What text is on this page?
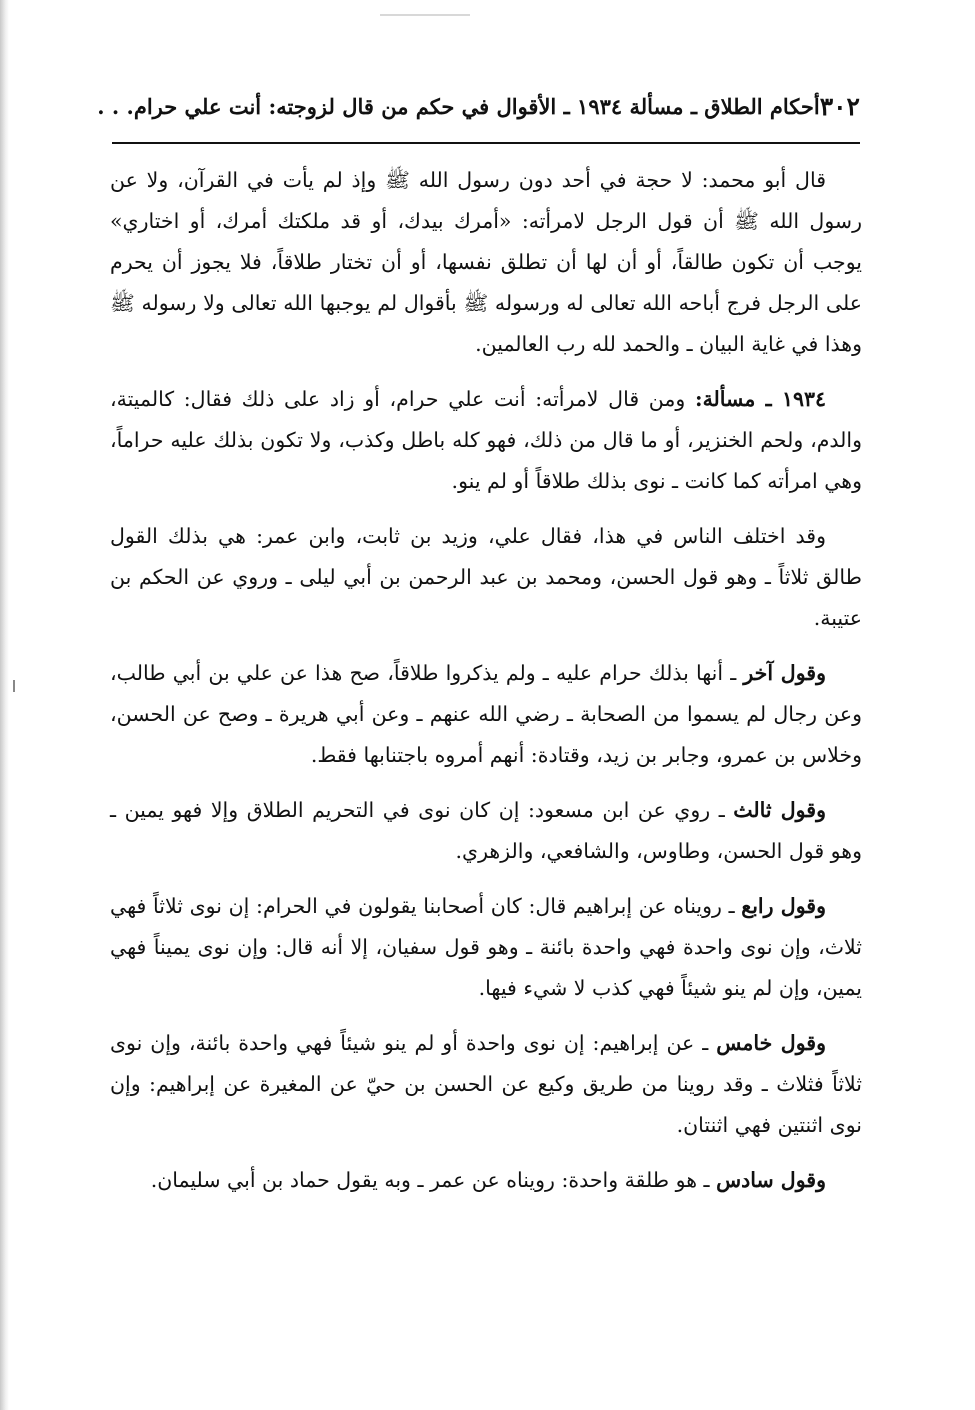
٣٠٢
أحكام الطلاق ـ مسألة ١٩٣٤ ـ الأقوال في حكم من قال لزوجته: أنت علي حرام. . .

قال أبو محمد: لا حجة في أحد دون رسول الله ﷺ وإذ لم يأت في القرآن، ولا عن رسول الله ﷺ أن قول الرجل لامرأته: «أمرك بيدك، أو قد ملكتك أمرك، أو اختاري» يوجب أن تكون طالقاً، أو أن لها أن تطلق نفسها، أو أن تختار طلاقاً، فلا يجوز أن يحرم على الرجل فرج أباحه الله تعالى له ورسوله ﷺ بأقوال لم يوجبها الله تعالى ولا رسوله ﷺ وهذا في غاية البيان ـ والحمد لله رب العالمين.

١٩٣٤ ـ مسألة: ومن قال لامرأته: أنت علي حرام، أو زاد على ذلك فقال: كالميتة، والدم، ولحم الخنزير، أو ما قال من ذلك، فهو كله باطل وكذب، ولا تكون بذلك عليه حراماً، وهي امرأته كما كانت ـ نوى بذلك طلاقاً أو لم ينو.

وقد اختلف الناس في هذا، فقال علي، وزيد بن ثابت، وابن عمر: هي بذلك القول طالق ثلاثاً ـ وهو قول الحسن، ومحمد بن عبد الرحمن بن أبي ليلى ـ وروي عن الحكم بن عتيبة.

وقول آخر ـ أنها بذلك حرام عليه ـ ولم يذكروا طلاقاً، صح هذا عن علي بن أبي طالب، وعن رجال لم يسموا من الصحابة ـ رضي الله عنهم ـ وعن أبي هريرة ـ وصح عن الحسن، وخلاس بن عمرو، وجابر بن زيد، وقتادة: أنهم أمروه باجتنابها فقط.

وقول ثالث ـ روي عن ابن مسعود: إن كان نوى في التحريم الطلاق وإلا فهو يمين ـ وهو قول الحسن، وطاوس، والشافعي، والزهري.

وقول رابع ـ رويناه عن إبراهيم قال: كان أصحابنا يقولون في الحرام: إن نوى ثلاثاً فهي ثلاث، وإن نوى واحدة فهي واحدة بائنة ـ وهو قول سفيان، إلا أنه قال: وإن نوى يميناً فهي يمين، وإن لم ينو شيئاً فهي كذب لا شيء فيها.

وقول خامس ـ عن إبراهيم: إن نوى واحدة أو لم ينو شيئاً فهي واحدة بائنة، وإن نوى ثلاثاً فثلاث ـ وقد روينا من طريق وكيع عن الحسن بن حيّ عن المغيرة عن إبراهيم: وإن نوى اثنتين فهي اثنتان.

وقول سادس ـ هو طلقة واحدة: رويناه عن عمر ـ وبه يقول حماد بن أبي سليمان.
